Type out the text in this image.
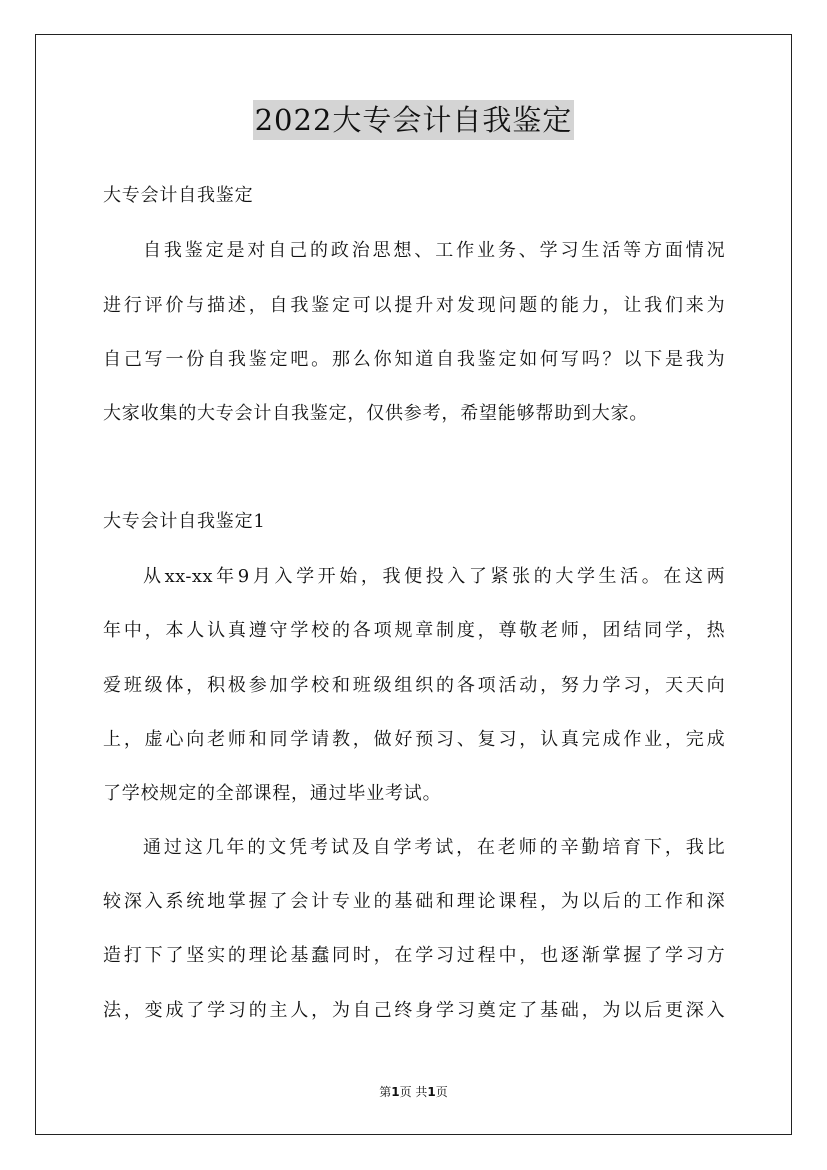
2022大专会计自我鉴定
大专会计自我鉴定
自我鉴定是对自己的政治思想、工作业务、学习生活等方面情况
进行评价与描述，自我鉴定可以提升对发现问题的能力，让我们来为
自己写一份自我鉴定吧。那么你知道自我鉴定如何写吗？以下是我为
大家收集的大专会计自我鉴定，仅供参考，希望能够帮助到大家。
大专会计自我鉴定1
从xx-xx年9月入学开始，我便投入了紧张的大学生活。在这两
年中，本人认真遵守学校的各项规章制度，尊敬老师，团结同学，热
爱班级体，积极参加学校和班级组织的各项活动，努力学习，天天向
上，虚心向老师和同学请教，做好预习、复习，认真完成作业，完成
了学校规定的全部课程，通过毕业考试。
通过这几年的文凭考试及自学考试，在老师的辛勤培育下，我比
较深入系统地掌握了会计专业的基础和理论课程，为以后的工作和深
造打下了坚实的理论基蠢同时，在学习过程中，也逐渐掌握了学习方
法，变成了学习的主人，为自己终身学习奠定了基础，为以后更深入
第1页 共1页
